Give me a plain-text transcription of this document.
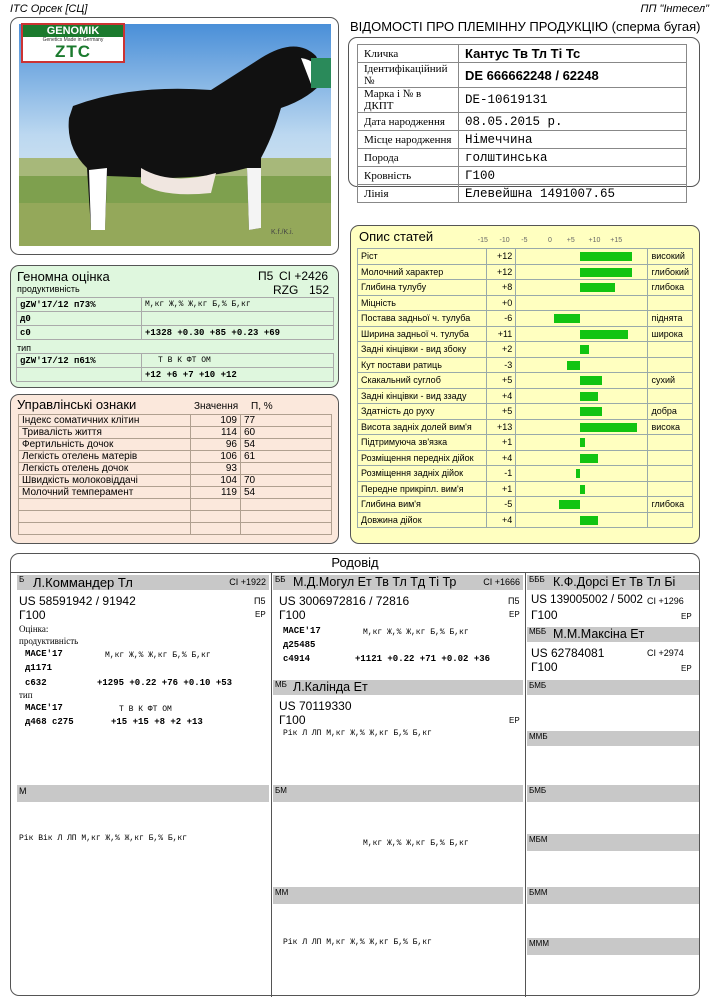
ITC Орсек [СЦ]	ПП "Інтесел"
K.f./K.i.
GENOMIK
Genetics Made in Germany
ZTC
ВІДОМОСТІ ПРО ПЛЕМІННУ ПРОДУКЦІЮ (сперма бугая)
Кличка	Кантус Тв Тл Ті Тс
Ідентифікаційний №	DE 666662248 / 62248
Марка і № в ДКПТ	DE-10619131
Дата народження	08.05.2015 р.
Місце народження	Німеччина
Порода	голштинська
Кровність	Г100
Лінія	Елевейшна 1491007.65
Геномна оцінка	П5 CI +2426
продуктивність	RZG 152
gZW'17/12 п73%	М,кг Ж,% Ж,кг Б,% Б,кг
д0	
с0	+1328 +0.30 +85 +0.23 +69
тип
gZW'17/12 п61%	Т В К ФТ ОМ
	+12 +6 +7 +10 +12
Управлінські ознаки	Значення П, %
Індекс соматичних клітин	109	77
Тривалість життя	114	60
Фертильність дочок	96	54
Легкість отелень матерів	106	61
Легкість отелень дочок	93	
Швидкість молоковіддачі	104	70
Молочний темперамент	119	54

Опис статей	-15 -10 -5	0 +5 +10 +15
Ріст	+12		високий
Молочний характер	+12		глибокий
Глибина тулубу	+8		глибока
Міцність	+0	

Постава задньої ч. тулуба	-6		піднята
Ширина задньої ч. тулуба	+11		широка
Задні кінцівки - вид збоку	+2	

Кут постави ратиць	-3	

Скакальний суглоб	+5		сухий
Задні кінцівки - вид ззаду	+4	

Здатність до руху	+5		добра
Висота задніх долей вим'я	+13		висока
Підтримуюча зв'язка	+1	

Розміщення передніх дійок	+4	

Розміщення задніх дійок	-1	

Передне прикріпл. вим'я	+1	

Глибина вим'я	-5		глибока
Довжина дійок	+4	

Родовід
Б Л.Коммандер Тл	CI +1922
US 58591942 / 91942	П5
Г100	ЕР
Оцінка:
продуктивність
MACE'17	М,кг Ж,% Ж,кг Б,% Б,кг
д1171
с632	+1295 +0.22 +76 +0.10 +53
тип
MACE'17	Т В К ФТ ОМ
д468 с275	+15 +15 +8 +2 +13
ББ М.Д.Могул Ет Тв Тл Тд Ті Тр	CI +1666
US 3006972816 / 72816	П5
Г100	ЕР
MACE'17	М,кг Ж,% Ж,кг Б,% Б,кг
д25485
с4914	+1121 +0.22 +71 +0.02 +36
БББ К.Ф.Дорсі Ет Тв Тл Бі
US 139005002 / 5002 CI +1296
Г100	ЕР
МББ М.М.Максіна Ет
US 62784081	CI +2974
Г100	ЕР
МБ Л.Калінда Ет
US 70119330
Г100	ЕР
Рік Л ЛП М,кг Ж,% Ж,кг Б,% Б,кг
БМБ
ММБ
М
Рік Вік Л ЛП М,кг Ж,% Ж,кг Б,% Б,кг
БМ
М,кг Ж,% Ж,кг Б,% Б,кг
БМБ
МБМ
ММ
Рік Л ЛП М,кг Ж,% Ж,кг Б,% Б,кг
БММ
МММ
